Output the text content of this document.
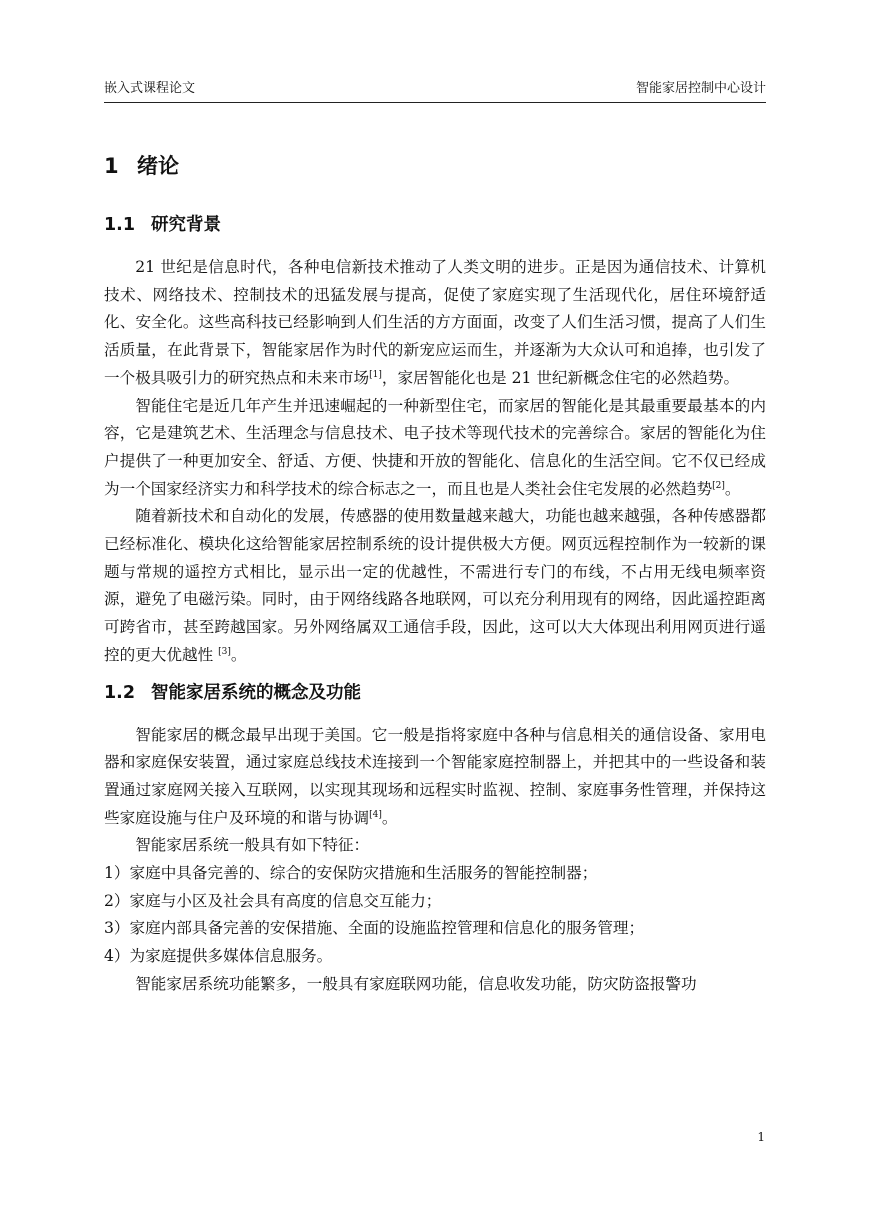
嵌入式课程论文	智能家居控制中心设计
1 绪论
1.1 研究背景

21 世纪是信息时代，各种电信新技术推动了人类文明的进步。正是因为通信技术、计算机技术、网络技术、控制技术的迅猛发展与提高，促使了家庭实现了生活现代化，居住环境舒适化、安全化。这些高科技已经影响到人们生活的方方面面，改变了人们生活习惯，提高了人们生活质量，在此背景下，智能家居作为时代的新宠应运而生，并逐渐为大众认可和追捧，也引发了一个极具吸引力的研究热点和未来市场[1]，家居智能化也是 21 世纪新概念住宅的必然趋势。

智能住宅是近几年产生并迅速崛起的一种新型住宅，而家居的智能化是其最重要最基本的内容，它是建筑艺术、生活理念与信息技术、电子技术等现代技术的完善综合。家居的智能化为住户提供了一种更加安全、舒适、方便、快捷和开放的智能化、信息化的生活空间。它不仅已经成为一个国家经济实力和科学技术的综合标志之一，而且也是人类社会住宅发展的必然趋势[2]。

随着新技术和自动化的发展，传感器的使用数量越来越大，功能也越来越强，各种传感器都已经标准化、模块化这给智能家居控制系统的设计提供极大方便。网页远程控制作为一较新的课题与常规的遥控方式相比，显示出一定的优越性，不需进行专门的布线，不占用无线电频率资源，避免了电磁污染。同时，由于网络线路各地联网，可以充分利用现有的网络，因此遥控距离可跨省市，甚至跨越国家。另外网络属双工通信手段，因此，这可以大大体现出利用网页进行遥控的更大优越性 [3]。

1.2 智能家居系统的概念及功能

智能家居的概念最早出现于美国。它一般是指将家庭中各种与信息相关的通信设备、家用电器和家庭保安装置，通过家庭总线技术连接到一个智能家庭控制器上，并把其中的一些设备和装置通过家庭网关接入互联网，以实现其现场和远程实时监视、控制、家庭事务性管理，并保持这些家庭设施与住户及环境的和谐与协调[4]。

智能家居系统一般具有如下特征：

1）家庭中具备完善的、综合的安保防灾措施和生活服务的智能控制器；

2）家庭与小区及社会具有高度的信息交互能力；

3）家庭内部具备完善的安保措施、全面的设施监控管理和信息化的服务管理；

4）为家庭提供多媒体信息服务。

智能家居系统功能繁多，一般具有家庭联网功能，信息收发功能，防灾防盗报警功

1
